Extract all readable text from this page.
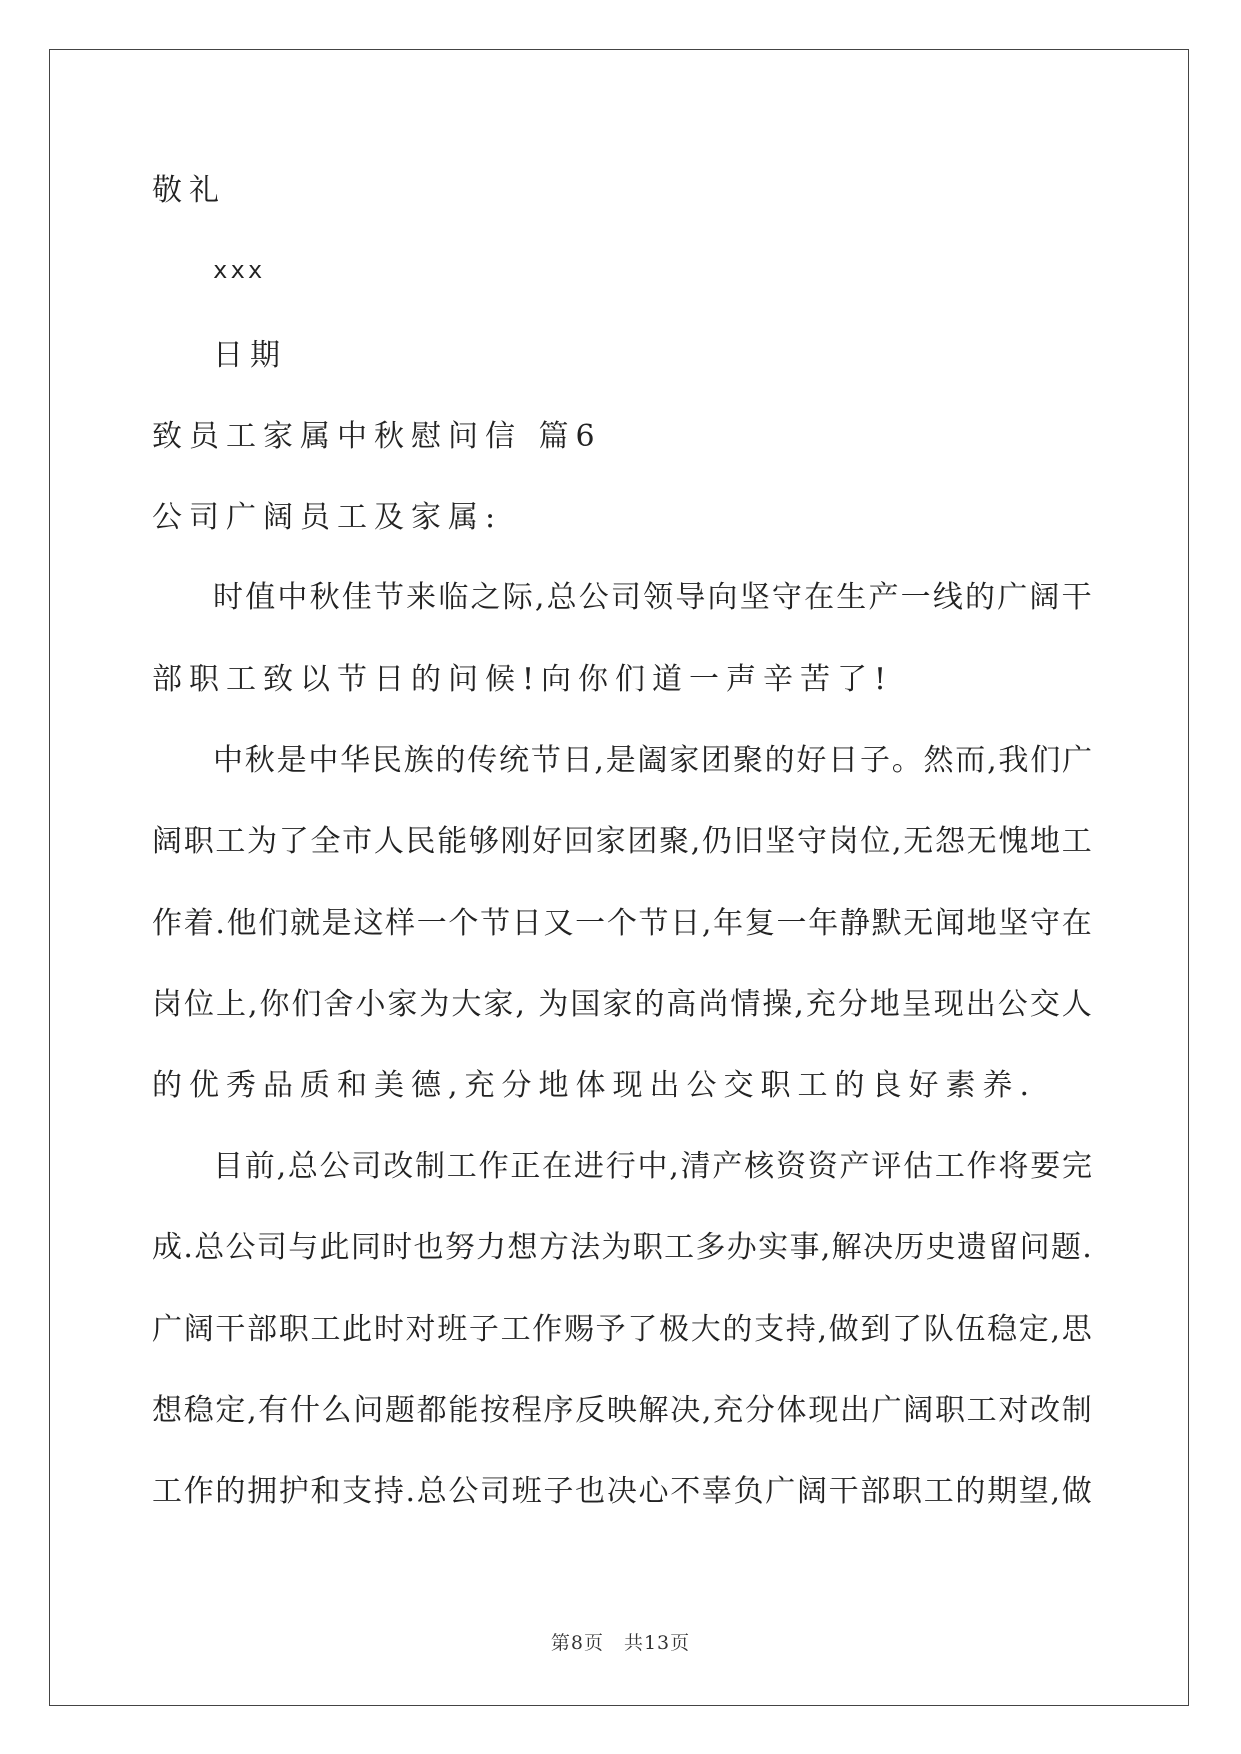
敬礼
xxx
日期
致员工家属中秋慰问信 篇6
公司广阔员工及家属:
时 值 中 秋 佳 节 来 临 之 际 , 总 公 司 领 导 向 坚 守 在 生 产 一 线 的 广 阔 干
部职工致以节日的问候!向你们道一声辛苦了!
中 秋 是 中 华 民 族 的 传 统 节 日 , 是 阖 家 团 聚 的 好 日 子 。 然 而 , 我 们 广
阔 职 工 为 了 全 市 人 民 能 够 刚 好 回 家 团 聚 , 仍 旧 坚 守 岗 位 , 无 怨 无 愧 地 工
作 着 . 他 们 就 是 这 样 一 个 节 日 又 一 个 节 日 , 年 复 一 年 静 默 无 闻 地 坚 守 在
岗 位 上 , 你 们 舍 小 家 为 大 家 ,
为 国 家 的 高 尚 情 操 , 充 分 地 呈 现 出 公 交 人
的优秀品质和美德,充分地体现出公交职工的良好素养.
目 前 , 总 公 司 改 制 工 作 正 在 进 行 中 , 清 产 核 资 资 产 评 估 工 作 将 要 完
成 . 总 公 司 与 此 同 时 也 努 力 想 方 法 为 职 工 多 办 实 事 , 解 决 历 史 遗 留 问 题 .
广 阔 干 部 职 工 此 时 对 班 子 工 作 赐 予 了 极 大 的 支 持 , 做 到 了 队 伍 稳 定 , 思
想 稳 定 , 有 什 么 问 题 都 能 按 程 序 反 映 解 决 , 充 分 体 现 出 广 阔 职 工 对 改 制
工 作 的 拥 护 和 支 持 . 总 公 司 班 子 也 决 心 不 辜 负 广 阔 干 部 职 工 的 期 望 , 做
第8页　共13页
